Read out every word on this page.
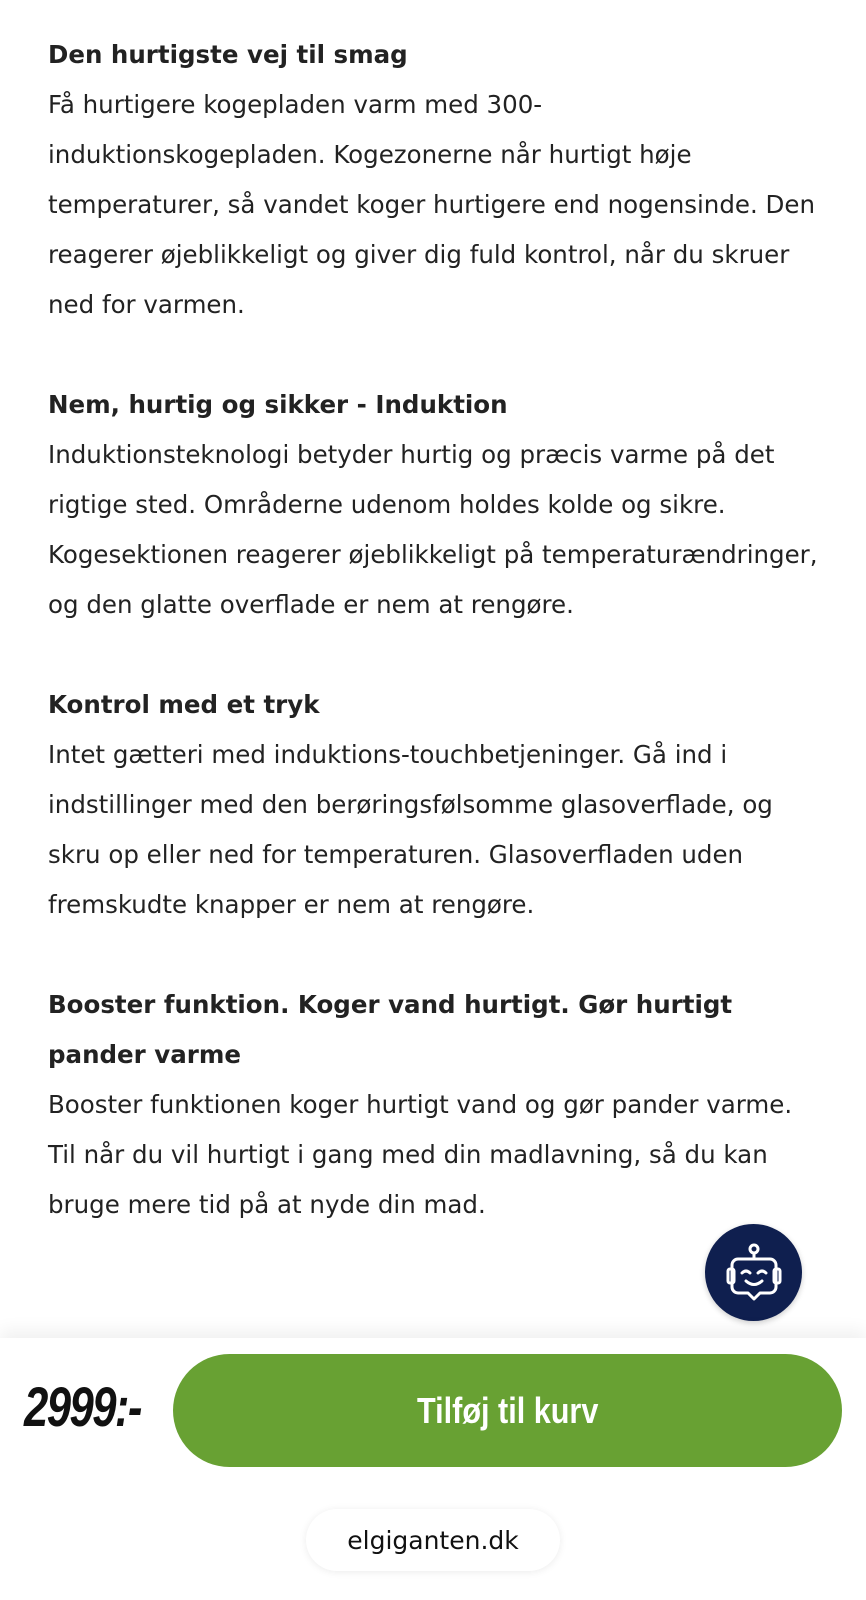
Den hurtigste vej til smag

Få hurtigere kogepladen varm med 300-induktionskogepladen. Kogezonerne når hurtigt høje temperaturer, så vandet koger hurtigere end nogensinde. Den reagerer øjeblikkeligt og giver dig fuld kontrol, når du skruer ned for varmen.

Nem, hurtig og sikker - Induktion

Induktionsteknologi betyder hurtig og præcis varme på det rigtige sted. Områderne udenom holdes kolde og sikre. Kogesektionen reagerer øjeblikkeligt på temperaturændringer, og den glatte overflade er nem at rengøre.

Kontrol med et tryk

Intet gætteri med induktions-touchbetjeninger. Gå ind i indstillinger med den berøringsfølsomme glasoverflade, og skru op eller ned for temperaturen. Glasoverfladen uden fremskudte knapper er nem at rengøre.

Booster funktion. Koger vand hurtigt. Gør hurtigt pander varme

Booster funktionen koger hurtigt vand og gør pander varme. Til når du vil hurtigt i gang med din madlavning, så du kan bruge mere tid på at nyde din mad.

2999:-	Tilføj til kurv
elgiganten.dk
